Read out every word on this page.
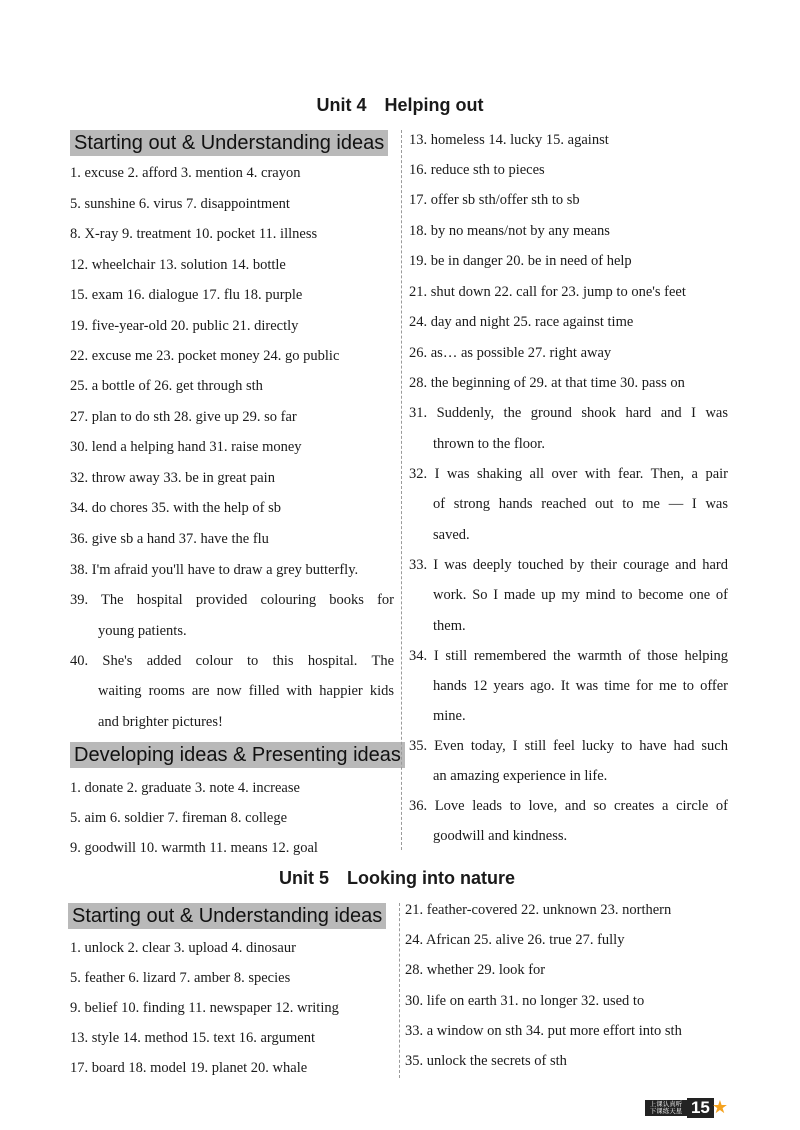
Unit 4 Helping out
Starting out & Understanding ideas
Developing ideas & Presenting ideas
1. excuse 2. afford 3. mention 4. crayon
5. sunshine 6. virus 7. disappointment
8. X-ray 9. treatment 10. pocket 11. illness
12. wheelchair 13. solution 14. bottle
15. exam 16. dialogue 17. flu 18. purple
19. five-year-old 20. public 21. directly
22. excuse me 23. pocket money 24. go public
25. a bottle of 26. get through sth
27. plan to do sth 28. give up 29. so far
30. lend a helping hand 31. raise money
32. throw away 33. be in great pain
34. do chores 35. with the help of sb
36. give sb a hand 37. have the flu
38. I'm afraid you'll have to draw a grey butterfly.
39. The hospital provided colouring books for
young patients.
40. She's added colour to this hospital. The
waiting rooms are now filled with happier kids
and brighter pictures!
1. donate 2. graduate 3. note 4. increase
5. aim 6. soldier 7. fireman 8. college
9. goodwill 10. warmth 11. means 12. goal
13. homeless 14. lucky 15. against
16. reduce sth to pieces
17. offer sb sth/offer sth to sb
18. by no means/not by any means
19. be in danger 20. be in need of help
21. shut down 22. call for 23. jump to one's feet
24. day and night 25. race against time
26. as… as possible 27. right away
28. the beginning of 29. at that time 30. pass on
31. Suddenly, the ground shook hard and I was
thrown to the floor.
32. I was shaking all over with fear. Then, a pair
of strong hands reached out to me — I was
saved.
33. I was deeply touched by their courage and hard
work. So I made up my mind to become one of
them.
34. I still remembered the warmth of those helping
hands 12 years ago. It was time for me to offer
mine.
35. Even today, I still feel lucky to have had such
an amazing experience in life.
36. Love leads to love, and so creates a circle of
goodwill and kindness.
Unit 5 Looking into nature
Starting out & Understanding ideas
1. unlock 2. clear 3. upload 4. dinosaur
5. feather 6. lizard 7. amber 8. species
9. belief 10. finding 11. newspaper 12. writing
13. style 14. method 15. text 16. argument
17. board 18. model 19. planet 20. whale
21. feather-covered 22. unknown 23. northern
24. African 25. alive 26. true 27. fully
28. whether 29. look for
30. life on earth 31. no longer 32. used to
33. a window on sth 34. put more effort into sth
35. unlock the secrets of sth
上课认真听
下课练天星 15 ★
